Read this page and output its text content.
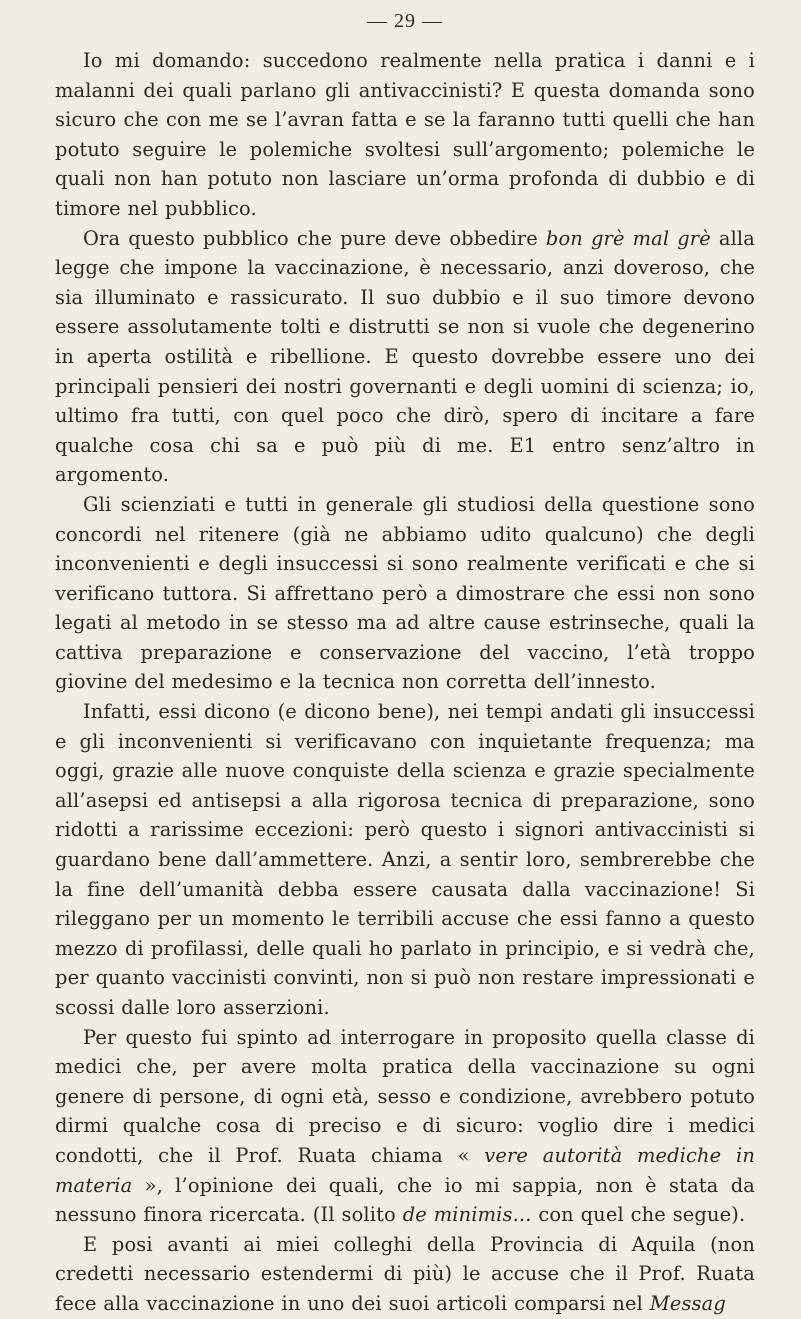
— 29 —

Io mi domando: succedono realmente nella pratica i danni e i malanni dei quali parlano gli antivaccinisti? E questa domanda sono sicuro che con me se l’avran fatta e se la faranno tutti quelli che han potuto seguire le polemiche svoltesi sull’argomento; polemiche le quali non han potuto non lasciare un’orma profonda di dubbio e di timore nel pubblico.

Ora questo pubblico che pure deve obbedire bon grè mal grè alla legge che impone la vaccinazione, è necessario, anzi doveroso, che sia illuminato e rassicurato. Il suo dubbio e il suo timore devono essere assolutamente tolti e distrutti se non si vuole che degenerino in aperta ostilità e ribellione. E questo dovrebbe essere uno dei principali pensieri dei nostri governanti e degli uomini di scienza; io, ultimo fra tutti, con quel poco che dirò, spero di incitare a fare qualche cosa chi sa e può più di me. E1 entro senz’altro in argomento.

Gli scienziati e tutti in generale gli studiosi della questione sono concordi nel ritenere (già ne abbiamo udito qualcuno) che degli inconvenienti e degli insuccessi si sono realmente verificati e che si verificano tuttora. Si affrettano però a dimostrare che essi non sono legati al metodo in se stesso ma ad altre cause estrinseche, quali la cattiva preparazione e conservazione del vaccino, l’età troppo giovine del medesimo e la tecnica non corretta dell’innesto.

Infatti, essi dicono (e dicono bene), nei tempi andati gli insuccessi e gli inconvenienti si verificavano con inquietante frequenza; ma oggi, grazie alle nuove conquiste della scienza e grazie specialmente all’asepsi ed antisepsi a alla rigorosa tecnica di preparazione, sono ridotti a rarissime eccezioni: però questo i signori antivaccinisti si guardano bene dall’ammettere. Anzi, a sentir loro, sembrerebbe che la fine dell’umanità debba essere causata dalla vaccinazione! Si rileggano per un momento le terribili accuse che essi fanno a questo mezzo di profilassi, delle quali ho parlato in principio, e si vedrà che, per quanto vaccinisti convinti, non si può non restare impressionati e scossi dalle loro asserzioni.

Per questo fui spinto ad interrogare in proposito quella classe di medici che, per avere molta pratica della vaccinazione su ogni genere di persone, di ogni età, sesso e condizione, avrebbero potuto dirmi qualche cosa di preciso e di sicuro: voglio dire i medici condotti, che il Prof. Ruata chiama « vere autorità mediche in materia », l’opinione dei quali, che io mi sappia, non è stata da nessuno finora ricercata. (Il solito de minimis... con quel che segue).

E posi avanti ai miei colleghi della Provincia di Aquila (non credetti necessario estendermi di più) le accuse che il Prof. Ruata fece alla vaccinazione in uno dei suoi articoli comparsi nel Messag
